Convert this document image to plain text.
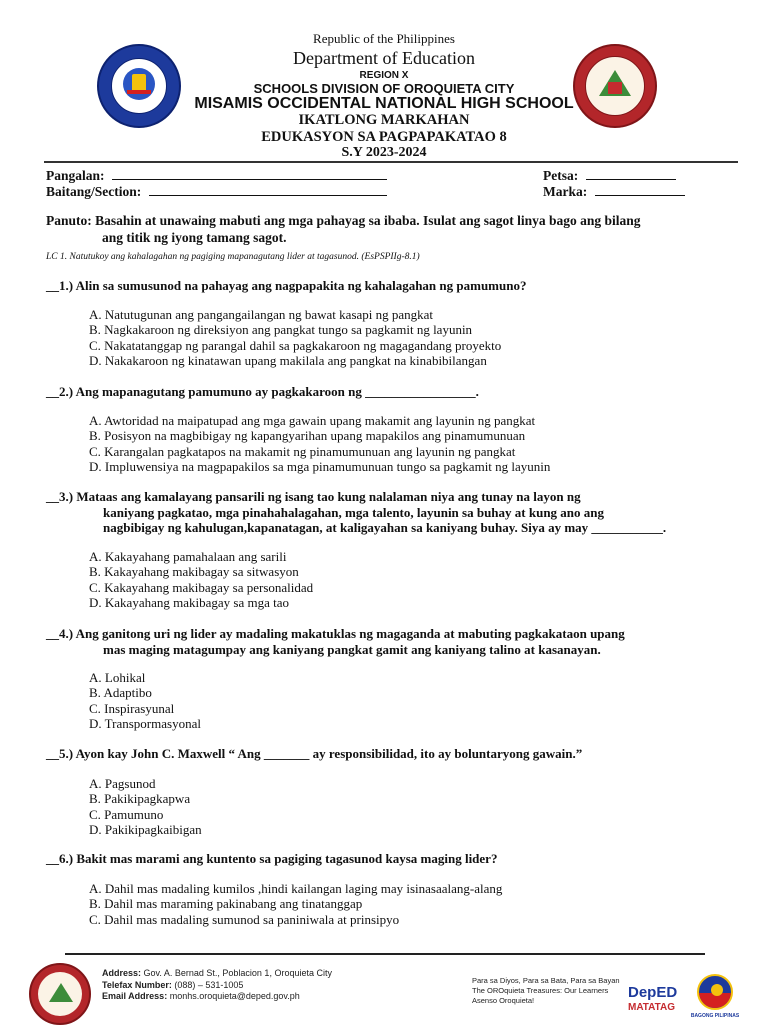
Republic of the Philippines
Department of Education
REGION X
SCHOOLS DIVISION OF OROQUIETA CITY
MISAMIS OCCIDENTAL NATIONAL HIGH SCHOOL
IKATLONG MARKAHAN
EDUKASYON SA PAGPAPAKATAO 8
S.Y 2023-2024
Pangalan:
Baitang/Section:
Petsa:
Marka:
Panuto: Basahin at unawaing mabuti ang mga pahayag sa ibaba. Isulat ang sagot linya bago ang bilang
ang titik ng iyong tamang sagot.
LC 1. Natutukoy ang kahalagahan ng pagiging mapanagutang lider at tagasunod. (EsPSPIIg-8.1)
__1.) Alin sa sumusunod na pahayag ang nagpapakita ng kahalagahan ng pamumuno?
A. Natutugunan ang pangangailangan ng bawat kasapi ng pangkat
B. Nagkakaroon ng direksiyon ang pangkat tungo sa pagkamit ng layunin
C. Nakatatanggap ng parangal dahil sa pagkakaroon ng magagandang proyekto
D. Nakakaroon ng kinatawan upang makilala ang pangkat na kinabibilangan
__2.) Ang mapanagutang pamumuno ay pagkakaroon ng _________________.
A. Awtoridad na maipatupad ang mga gawain upang makamit ang layunin ng pangkat
B. Posisyon na magbibigay ng kapangyarihan upang mapakilos ang pinamumunuan
C. Karangalan pagkatapos na makamit ng pinamumunuan ang layunin ng pangkat
D. Impluwensiya na magpapakilos sa mga pinamumunuan tungo sa pagkamit ng layunin
__3.) Mataas ang kamalayang pansarili ng isang tao kung nalalaman niya ang tunay na layon ng
kaniyang pagkatao, mga pinahahalagahan, mga talento, layunin sa buhay at kung ano ang
nagbibigay ng kahulugan,kapanatagan, at kaligayahan sa kaniyang buhay. Siya ay may ___________.
A. Kakayahang pamahalaan ang sarili
B. Kakayahang makibagay sa sitwasyon
C. Kakayahang makibagay sa personalidad
D. Kakayahang makibagay sa mga tao
__4.) Ang ganitong uri ng lider ay madaling makatuklas ng magaganda at mabuting pagkakataon upang
mas maging matagumpay ang kaniyang pangkat gamit ang kaniyang talino at kasanayan.
A. Lohikal
B. Adaptibo
C. Inspirasyunal
D. Transpormasyonal
__5.) Ayon kay John C. Maxwell “ Ang _______ ay responsibilidad, ito ay boluntaryong gawain.”
A. Pagsunod
B. Pakikipagkapwa
C. Pamumuno
D. Pakikipagkaibigan
__6.) Bakit mas marami ang kuntento sa pagiging tagasunod kaysa maging lider?
A. Dahil mas madaling kumilos ,hindi kailangan laging may isinasaalang-alang
B. Dahil mas maraming pakinabang ang tinatanggap
C. Dahil mas madaling sumunod sa paniniwala at prinsipyo
Address: Gov. A. Bernad St., Poblacion 1, Oroquieta City
Telefax Number: (088) – 531-1005
Email Address: monhs.oroquieta@deped.gov.ph
Para sa Diyos, Para sa Bata, Para sa Bayan
The OROquieta Treasures: Our Learners
Asenso Oroquieta!	DepED
MATATAG
BAGONG PILIPINAS
